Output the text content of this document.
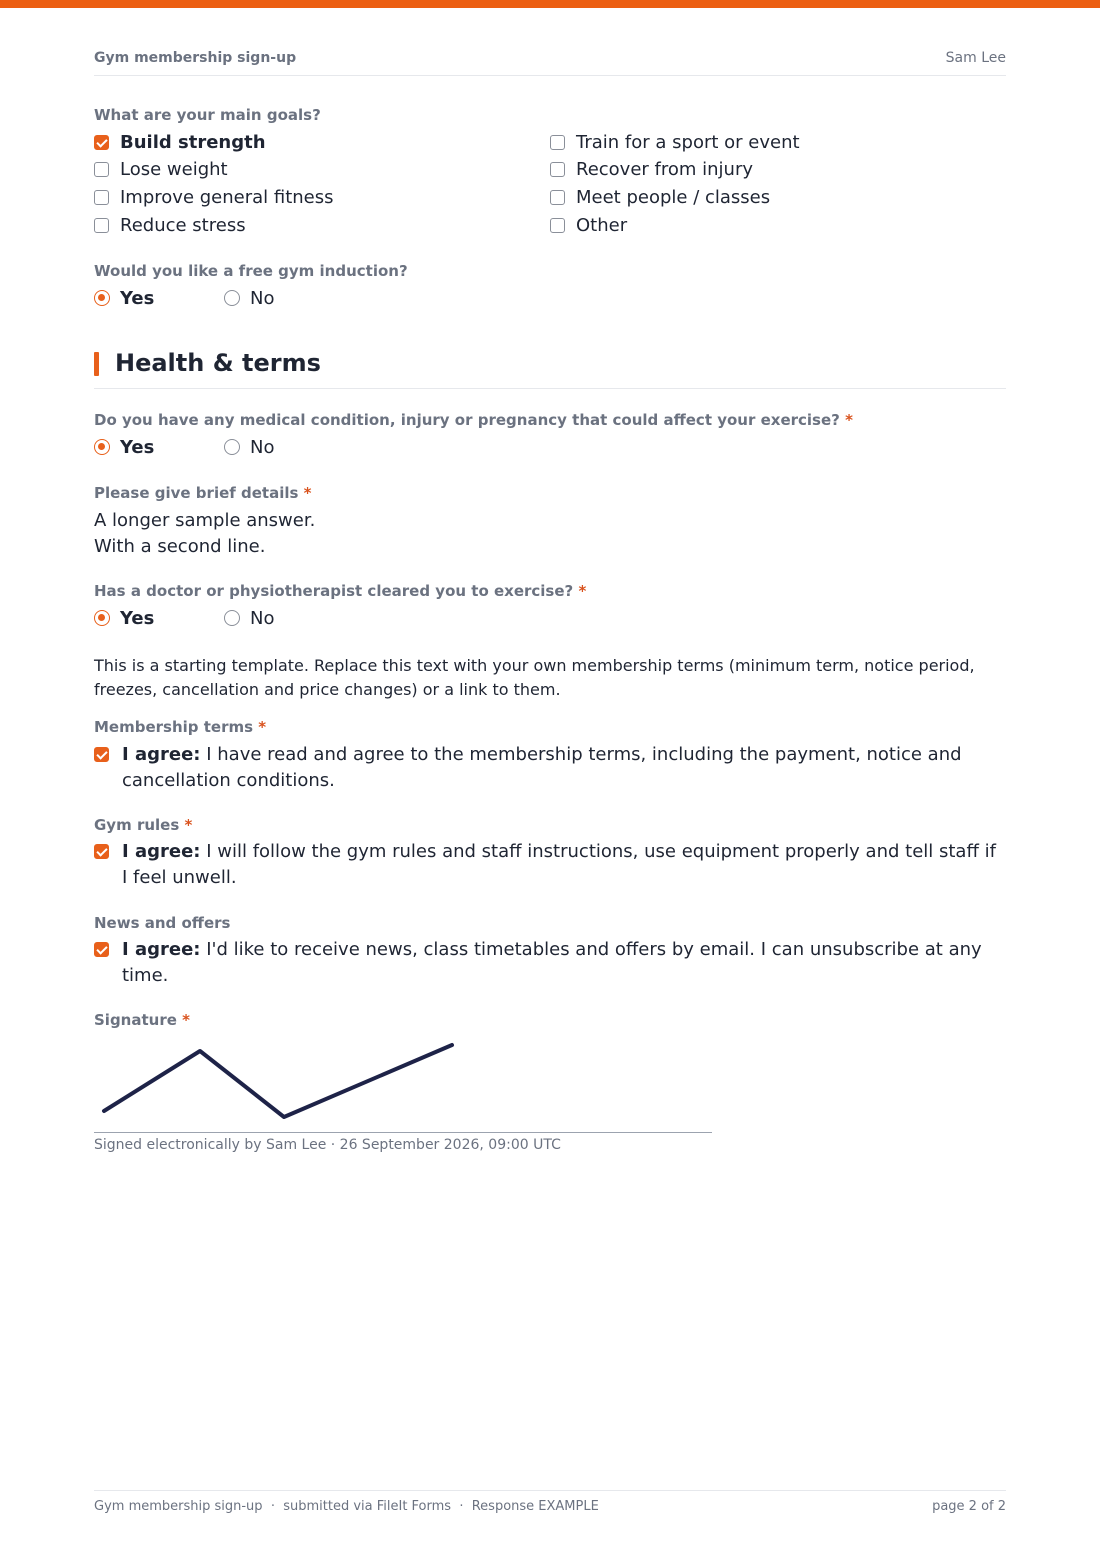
Gym membership sign-up	Sam Lee
What are your main goals?
Build strength
Lose weight
Improve general fitness
Reduce stress
Train for a sport or event
Recover from injury
Meet people / classes
Other
Would you like a free gym induction?
Yes	No
Health & terms
Do you have any medical condition, injury or pregnancy that could affect your exercise? *
Yes	No
Please give brief details *
A longer sample answer.
With a second line.
Has a doctor or physiotherapist cleared you to exercise? *
Yes	No
This is a starting template. Replace this text with your own membership terms (minimum term, notice period, freezes, cancellation and price changes) or a link to them.
Membership terms *
I agree: I have read and agree to the membership terms, including the payment, notice and cancellation conditions.
Gym rules *
I agree: I will follow the gym rules and staff instructions, use equipment properly and tell staff if I feel unwell.
News and offers
I agree: I'd like to receive news, class timetables and offers by email. I can unsubscribe at any time.
Signature *
Signed electronically by Sam Lee · 26 September 2026, 09:00 UTC
Gym membership sign-up  ·  submitted via FileIt Forms  ·  Response EXAMPLE	page 2 of 2
